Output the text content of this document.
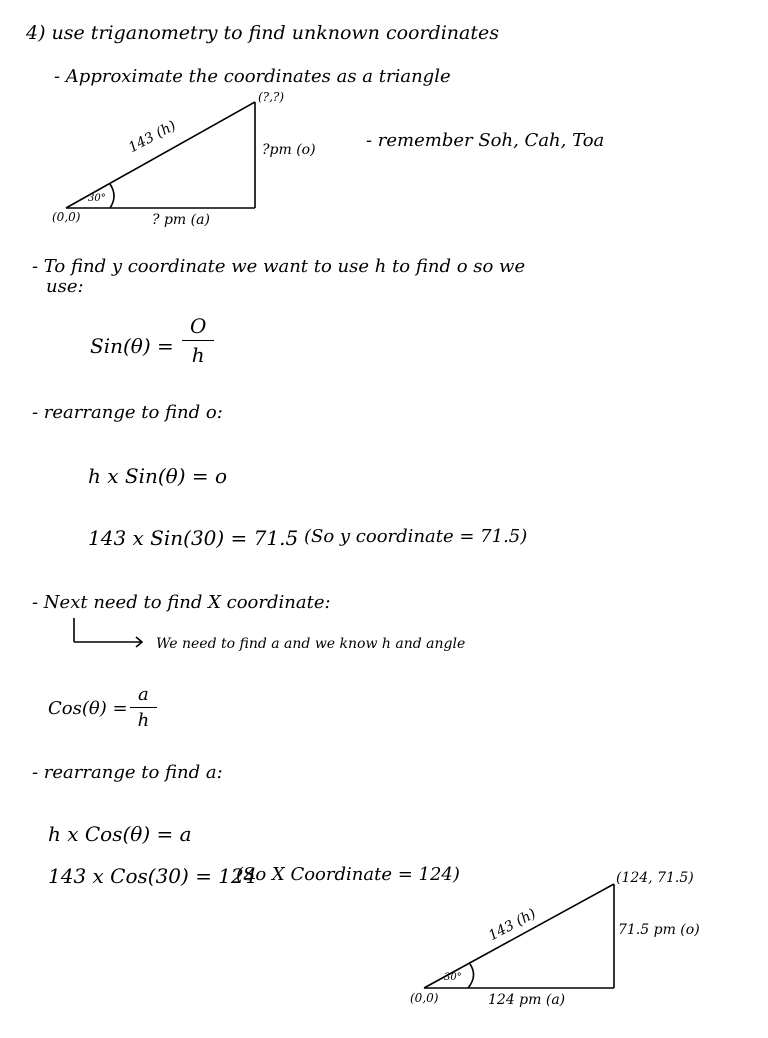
4) use triganometry to find unknown coordinates
- Approximate the coordinates as a triangle
(?,?)
143 (h)	?pm (o)
? pm (a)
(0,0)
30°
- remember Soh, Cah, Toa
- To find y coordinate we want to use h to find o so we
use:
Sin(θ) =
O
h
- rearrange to find o:
h x Sin(θ) = o
143 x Sin(30) = 71.5 (So y coordinate = 71.5)
- Next need to find X coordinate:
We need to find a and we know h and angle
Cos(θ) =
a
h
- rearrange to find a:
h x Cos(θ) = a
143 x Cos(30) = 124
(So X Coordinate = 124)	(124, 71.5)
143 (h)	71.5 pm (o)
124 pm (a)
(0,0)
30°
